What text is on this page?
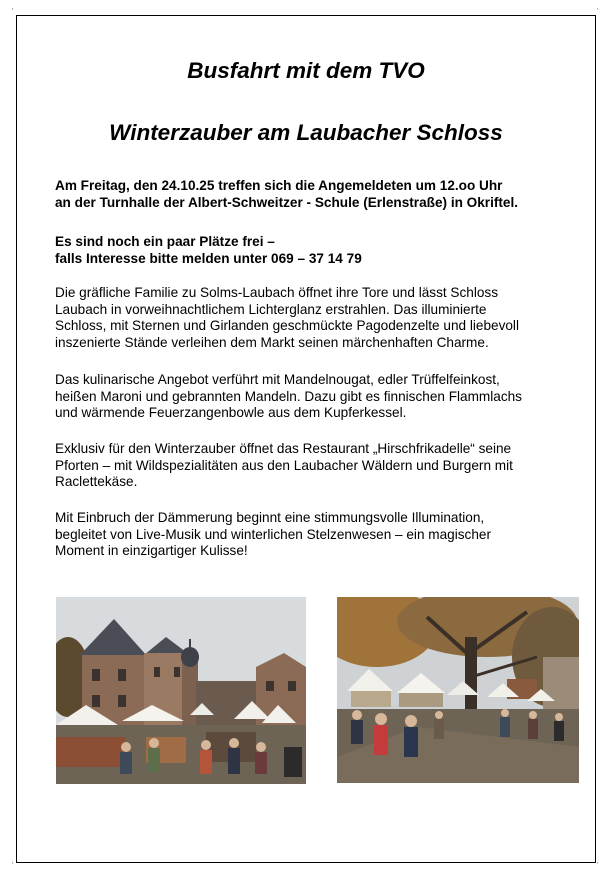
'	'
'	'
Busfahrt mit dem TVO
Winterzauber am Laubacher Schloss

Am Freitag, den 24.10.25 treffen sich die Angemeldeten um 12.oo Uhr
an der Turnhalle der Albert-Schweitzer - Schule (Erlenstraße) in Okriftel.

Es sind noch ein paar Plätze frei –
falls Interesse bitte melden unter 069 – 37 14 79

Die gräfliche Familie zu Solms-Laubach öffnet ihre Tore und lässt Schloss
Laubach in vorweihnachtlichem Lichterglanz erstrahlen. Das illuminierte
Schloss, mit Sternen und Girlanden geschmückte Pagodenzelte und liebevoll
inszenierte Stände verleihen dem Markt seinen märchenhaften Charme.

Das kulinarische Angebot verführt mit Mandelnougat, edler Trüffelfeinkost,
heißen Maroni und gebrannten Mandeln. Dazu gibt es finnischen Flammlachs
und wärmende Feuerzangenbowle aus dem Kupferkessel.

Exklusiv für den Winterzauber öffnet das Restaurant „Hirschfrikadelle“ seine
Pforten – mit Wildspezialitäten aus den Laubacher Wäldern und Burgern mit
Raclettekäse.

Mit Einbruch der Dämmerung beginnt eine stimmungsvolle Illumination,
begleitet von Live-Musik und winterlichen Stelzenwesen – ein magischer
Moment in einzigartiger Kulisse!
